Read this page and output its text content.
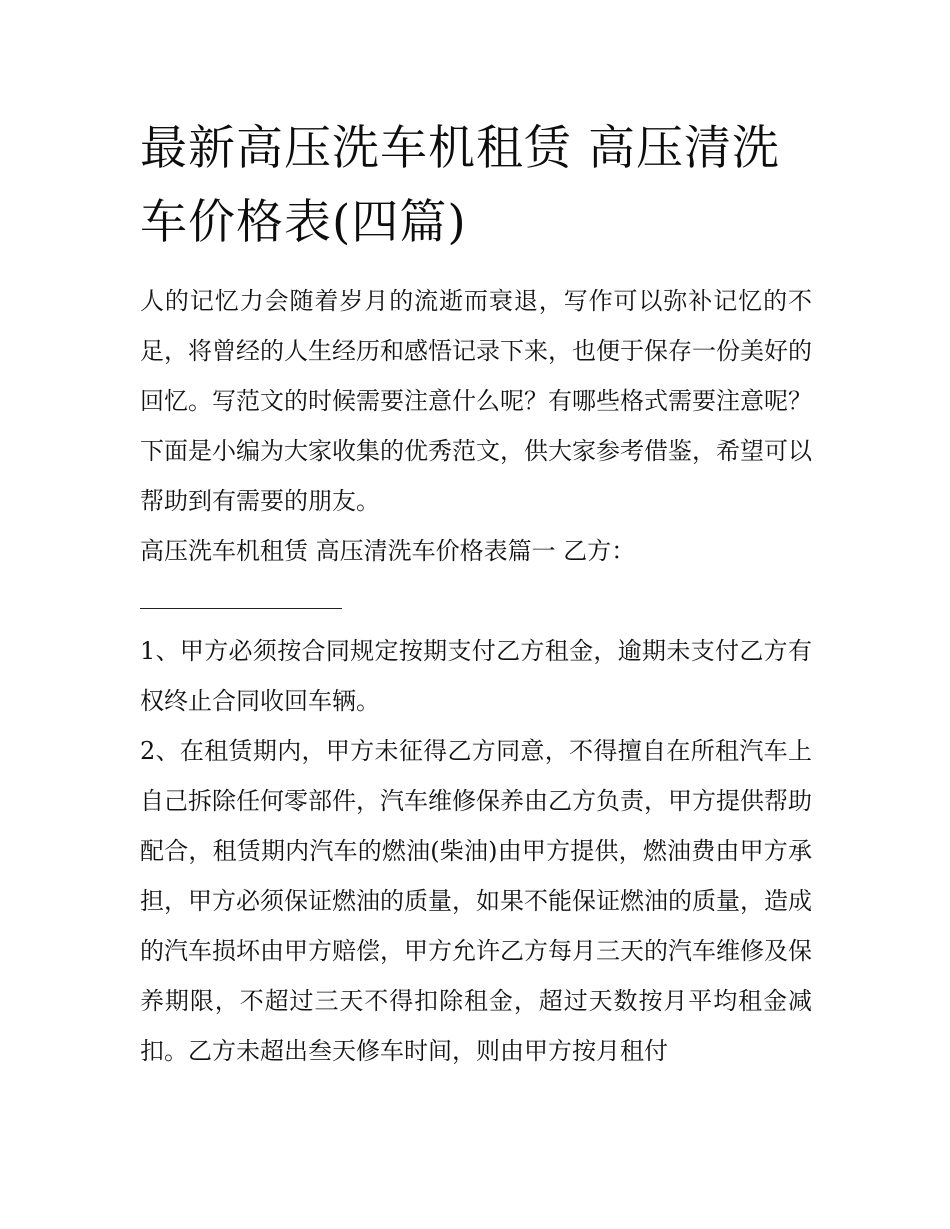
最新高压洗车机租赁 高压清洗车价格表(四篇)

人的记忆力会随着岁月的流逝而衰退，写作可以弥补记忆的不足，将曾经的人生经历和感悟记录下来，也便于保存一份美好的回忆。写范文的时候需要注意什么呢？有哪些格式需要注意呢？下面是小编为大家收集的优秀范文，供大家参考借鉴，希望可以帮助到有需要的朋友。

高压洗车机租赁 高压清洗车价格表篇一 乙方：

1、甲方必须按合同规定按期支付乙方租金，逾期未支付乙方有权终止合同收回车辆。

2、在租赁期内，甲方未征得乙方同意，不得擅自在所租汽车上自己拆除任何零部件，汽车维修保养由乙方负责，甲方提供帮助配合，租赁期内汽车的燃油(柴油)由甲方提供，燃油费由甲方承担，甲方必须保证燃油的质量，如果不能保证燃油的质量，造成的汽车损坏由甲方赔偿，甲方允许乙方每月三天的汽车维修及保养期限，不超过三天不得扣除租金，超过天数按月平均租金减扣。乙方未超出叁天修车时间，则由甲方按月租付
